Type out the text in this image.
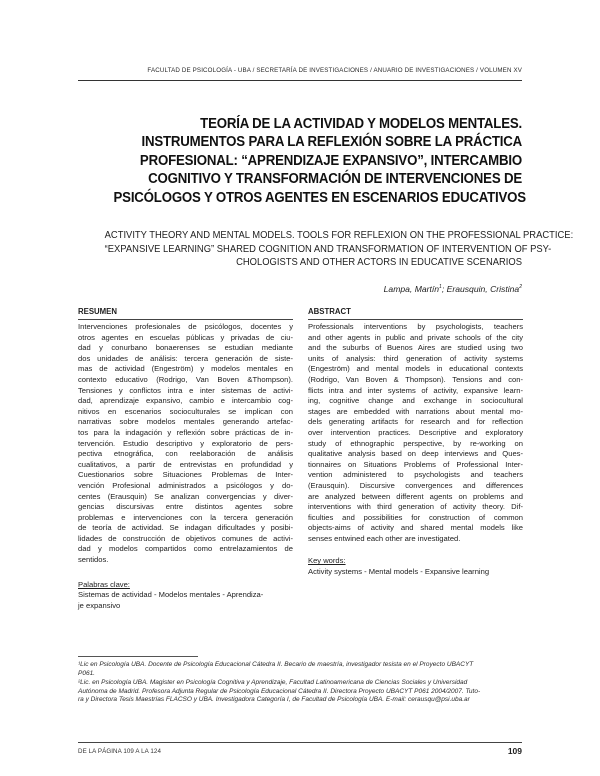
FACULTAD DE PSICOLOGÍA - UBA / SECRETARÍA DE INVESTIGACIONES / ANUARIO DE INVESTIGACIONES / VOLUMEN XV
TEORÍA DE LA ACTIVIDAD Y MODELOS MENTALES.
INSTRUMENTOS PARA LA REFLEXIÓN SOBRE LA PRÁCTICA
PROFESIONAL: “APRENDIZAJE EXPANSIVO”, INTERCAMBIO
COGNITIVO Y TRANSFORMACIÓN DE INTERVENCIONES DE
PSICÓLOGOS Y OTROS AGENTES EN ESCENARIOS EDUCATIVOS
ACTIVITY THEORY AND MENTAL MODELS. TOOLS FOR REFLEXION ON THE PROFESSIONAL PRACTICE:
“EXPANSIVE LEARNING” SHARED COGNITION AND TRANSFORMATION OF INTERVENTION OF PSY-
CHOLOGISTS AND OTHER ACTORS IN EDUCATIVE SCENARIOS
Lampa, Martín$^1$; Erausquin, Cristina$^2$
RESUMEN
Intervenciones profesionales de psicólogos, docentes y
otros agentes en escuelas públicas y privadas de ciu-
dad y conurbano bonaerenses se estudian mediante
dos unidades de análisis: tercera generación de siste-
mas de actividad (Engeström) y modelos mentales en
contexto educativo (Rodrigo, Van Boven &Thompson).
Tensiones y conflictos intra e inter sistemas de activi-
dad, aprendizaje expansivo, cambio e intercambio cog-
nitivos en escenarios socioculturales se implican con
narrativas sobre modelos mentales generando artefac-
tos para la indagación y reflexión sobre prácticas de in-
tervención. Estudio descriptivo y exploratorio de pers-
pectiva etnográfica, con reelaboración de análisis
cualitativos, a partir de entrevistas en profundidad y
Cuestionarios sobre Situaciones Problemas de Inter-
vención Profesional administrados a psicólogos y do-
centes (Erausquin) Se analizan convergencias y diver-
gencias discursivas entre distintos agentes sobre
problemas e intervenciones con la tercera generación
de teoría de actividad. Se indagan dificultades y posibi-
lidades de construcción de objetivos comunes de activi-
dad y modelos compartidos como entrelazamientos de
sentidos.
Palabras clave:
Sistemas de actividad - Modelos mentales - Aprendiza-
je expansivo
ABSTRACT
Professionals interventions by psychologists, teachers
and other agents in public and private schools of the city
and the suburbs of Buenos Aires are studied using two
units of analysis: third generation of activity systems
(Engeström) and mental models in educational contexts
(Rodrigo, Van Boven & Thompson). Tensions and con-
flicts intra and inter systems of activity, expansive learn-
ing, cognitive change and exchange in sociocultural
stages are embedded with narrations about mental mo-
dels generating artifacts for research and for reflection
over intervention practices. Descriptive and exploratory
study of ethnographic perspective, by re-working on
qualitative analysis based on deep interviews and Ques-
tionnaires on Situations Problems of Professional Inter-
vention administered to psychologists and teachers
(Erausquin). Discursive convergences and differences
are analyzed between different agents on problems and
interventions with third generation of activity theory. Dif-
ficulties and possibilities for construction of common
objects-aims of activity and shared mental models like
senses entwined each other are investigated.
Key words:
Activity systems - Mental models - Expansive learning
¹Lic en Psicología UBA. Docente de Psicología Educacional Cátedra II. Becario de maestría, investigador tesista en el Proyecto UBACYT
P061.
²Lic. en Psicología UBA. Magister en Psicología Cognitiva y Aprendizaje, Facultad Latinoamericana de Ciencias Sociales y Universidad
Autónoma de Madrid. Profesora Adjunta Regular de Psicología Educacional Cátedra II. Directora Proyecto UBACYT P061 2004/2007. Tuto-
ra y Directora Tesis Maestrías FLACSO y UBA. Investigadora Categoría I, de Facultad de Psicología UBA. E-mail: cerausqu@psi.uba.ar
DE LA PÁGINA 109 A LA 124	109
